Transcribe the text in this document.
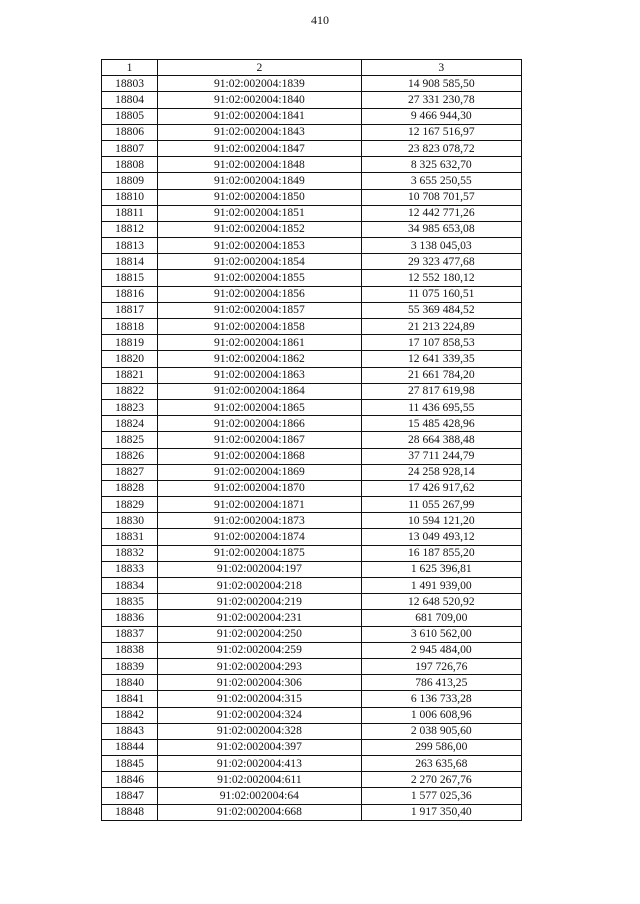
410
1	2	3
18803	91:02:002004:1839	14 908 585,50
18804	91:02:002004:1840	27 331 230,78
18805	91:02:002004:1841	9 466 944,30
18806	91:02:002004:1843	12 167 516,97
18807	91:02:002004:1847	23 823 078,72
18808	91:02:002004:1848	8 325 632,70
18809	91:02:002004:1849	3 655 250,55
18810	91:02:002004:1850	10 708 701,57
18811	91:02:002004:1851	12 442 771,26
18812	91:02:002004:1852	34 985 653,08
18813	91:02:002004:1853	3 138 045,03
18814	91:02:002004:1854	29 323 477,68
18815	91:02:002004:1855	12 552 180,12
18816	91:02:002004:1856	11 075 160,51
18817	91:02:002004:1857	55 369 484,52
18818	91:02:002004:1858	21 213 224,89
18819	91:02:002004:1861	17 107 858,53
18820	91:02:002004:1862	12 641 339,35
18821	91:02:002004:1863	21 661 784,20
18822	91:02:002004:1864	27 817 619,98
18823	91:02:002004:1865	11 436 695,55
18824	91:02:002004:1866	15 485 428,96
18825	91:02:002004:1867	28 664 388,48
18826	91:02:002004:1868	37 711 244,79
18827	91:02:002004:1869	24 258 928,14
18828	91:02:002004:1870	17 426 917,62
18829	91:02:002004:1871	11 055 267,99
18830	91:02:002004:1873	10 594 121,20
18831	91:02:002004:1874	13 049 493,12
18832	91:02:002004:1875	16 187 855,20
18833	91:02:002004:197	1 625 396,81
18834	91:02:002004:218	1 491 939,00
18835	91:02:002004:219	12 648 520,92
18836	91:02:002004:231	681 709,00
18837	91:02:002004:250	3 610 562,00
18838	91:02:002004:259	2 945 484,00
18839	91:02:002004:293	197 726,76
18840	91:02:002004:306	786 413,25
18841	91:02:002004:315	6 136 733,28
18842	91:02:002004:324	1 006 608,96
18843	91:02:002004:328	2 038 905,60
18844	91:02:002004:397	299 586,00
18845	91:02:002004:413	263 635,68
18846	91:02:002004:611	2 270 267,76
18847	91:02:002004:64	1 577 025,36
18848	91:02:002004:668	1 917 350,40
